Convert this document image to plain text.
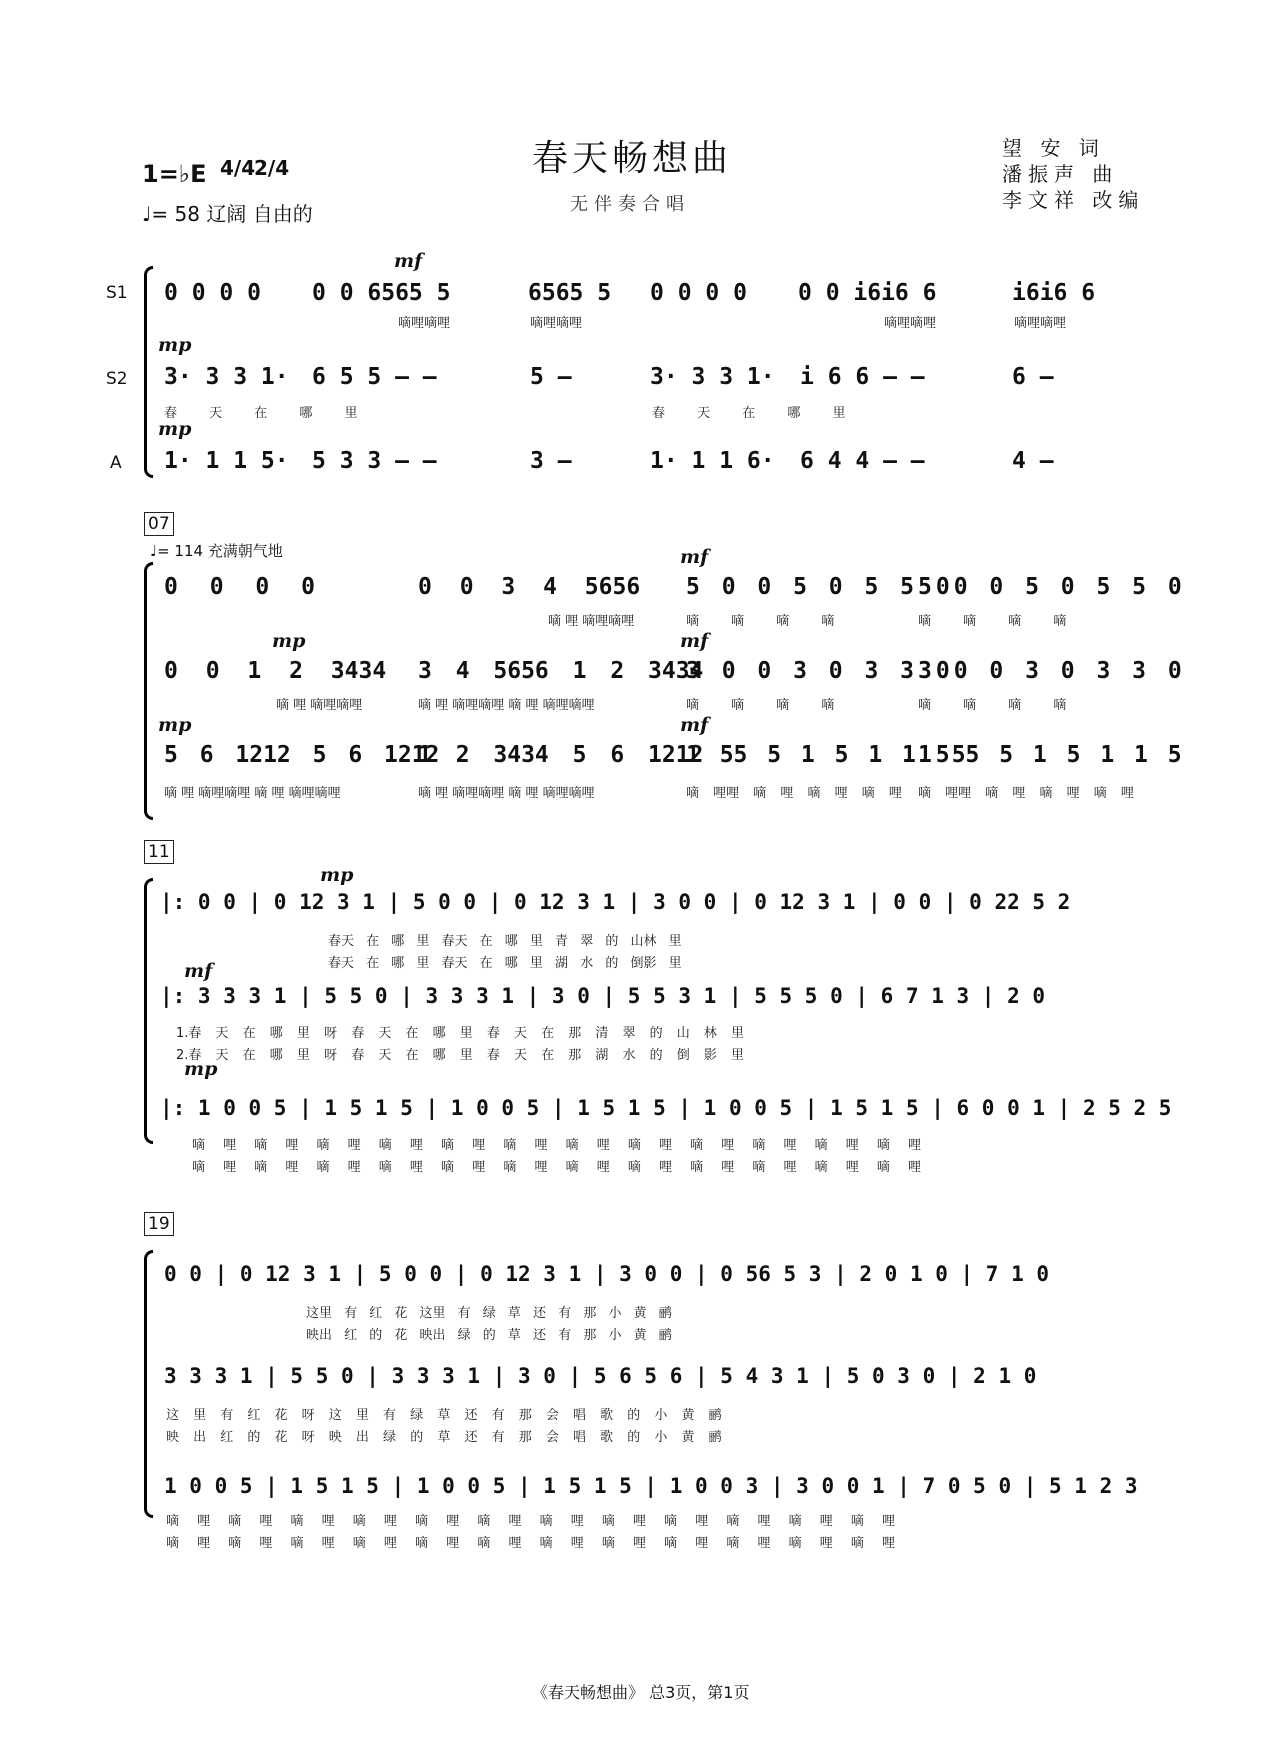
春天畅想曲
无伴奏合唱
望 安 词
潘振声 曲
李文祥 改编
1=♭E 4/4
2/4
♩= 58 辽阔 自由的
S1
S2
A
mf
0 0 0 0 0 0 6565 5	6565 5 0 0 0 0 0 0 i6i6 6	i6i6 6
嘀哩嘀哩	嘀哩嘀哩	嘀哩嘀哩	嘀哩嘀哩
mp
3· 3 3 1· 6 5 5 – –	5 –	3· 3 3 1· i 6 6 – –	6 –
春 天 在 哪 里	春 天 在 哪 里
mp
1· 1 1 5· 5 3 3 – –	3 –	1· 1 1 6· 6 4 4 – –	4 –
07
♩= 114 充满朝气地	mf
0 0 0 0	0 0 3 4 5656 5 0 0 5 0 5 5 0
5 0 0 5 0 5 5 0
嘀 哩 嘀哩嘀哩	嘀 嘀 嘀 嘀	嘀 嘀 嘀 嘀
mp	mf
0 0 1 2 3434 3 4 5656 1 2 3434
3 0 0 3 0 3 3 0
3 0 0 3 0 3 3 0
嘀 哩 嘀哩嘀哩	嘀 哩 嘀哩嘀哩 嘀 哩 嘀哩嘀哩	嘀 嘀 嘀 嘀	嘀 嘀 嘀 嘀
mp	mf
5 6 1212 5 6 1212
1 2 3434 5 6 1212
1 55 5 1 5 1 1 5
1 55 5 1 5 1 1 5
嘀 哩 嘀哩嘀哩 嘀 哩 嘀哩嘀哩	嘀 哩 嘀哩嘀哩 嘀 哩 嘀哩嘀哩	嘀 哩哩 嘀 哩 嘀 哩 嘀 哩 嘀 哩哩 嘀 哩 嘀 哩 嘀 哩
11
mp
|: 0 0 | 0 12 3 1 | 5 0 0 | 0 12 3 1 | 3 0 0 | 0 12 3 1 | 0 0 | 0 22 5 2
春天 在 哪 里 春天 在 哪 里 青 翠 的 山林 里
春天 在 哪 里 春天 在 哪 里 湖 水 的 倒影 里
mf
|: 3 3 3 1 | 5 5 0 | 3 3 3 1 | 3 0 | 5 5 3 1 | 5 5 5 0 | 6 7 1 3 | 2 0
1.春 天 在 哪 里 呀 春 天 在 哪 里 春 天 在 那 清 翠 的 山 林 里
2.春 天 在 哪 里 呀 春 天 在 哪 里 春 天 在 那 湖 水 的 倒 影 里
mp
|: 1 0 0 5 | 1 5 1 5 | 1 0 0 5 | 1 5 1 5 | 1 0 0 5 | 1 5 1 5 | 6 0 0 1 | 2 5 2 5
嘀 哩 嘀 哩 嘀 哩 嘀 哩 嘀 哩 嘀 哩 嘀 哩 嘀 哩 嘀 哩 嘀 哩 嘀 哩 嘀 哩
嘀 哩 嘀 哩 嘀 哩 嘀 哩 嘀 哩 嘀 哩 嘀 哩 嘀 哩 嘀 哩 嘀 哩 嘀 哩 嘀 哩
19
0 0 | 0 12 3 1 | 5 0 0 | 0 12 3 1 | 3 0 0 | 0 56 5 3 | 2 0 1 0 | 7 1 0
这里 有 红 花 这里 有 绿 草 还 有 那 小 黄 鹂
映出 红 的 花 映出 绿 的 草 还 有 那 小 黄 鹂
3 3 3 1 | 5 5 0 | 3 3 3 1 | 3 0 | 5 6 5 6 | 5 4 3 1 | 5 0 3 0 | 2 1 0
这 里 有 红 花 呀 这 里 有 绿 草 还 有 那 会 唱 歌 的 小 黄 鹂
映 出 红 的 花 呀 映 出 绿 的 草 还 有 那 会 唱 歌 的 小 黄 鹂
1 0 0 5 | 1 5 1 5 | 1 0 0 5 | 1 5 1 5 | 1 0 0 3 | 3 0 0 1 | 7 0 5 0 | 5 1 2 3
嘀 哩 嘀 哩 嘀 哩 嘀 哩 嘀 哩 嘀 哩 嘀 哩 嘀 哩 嘀 哩 嘀 哩 嘀 哩 嘀 哩
嘀 哩 嘀 哩 嘀 哩 嘀 哩 嘀 哩 嘀 哩 嘀 哩 嘀 哩 嘀 哩 嘀 哩 嘀 哩 嘀 哩
《春天畅想曲》 总3页，第1页
